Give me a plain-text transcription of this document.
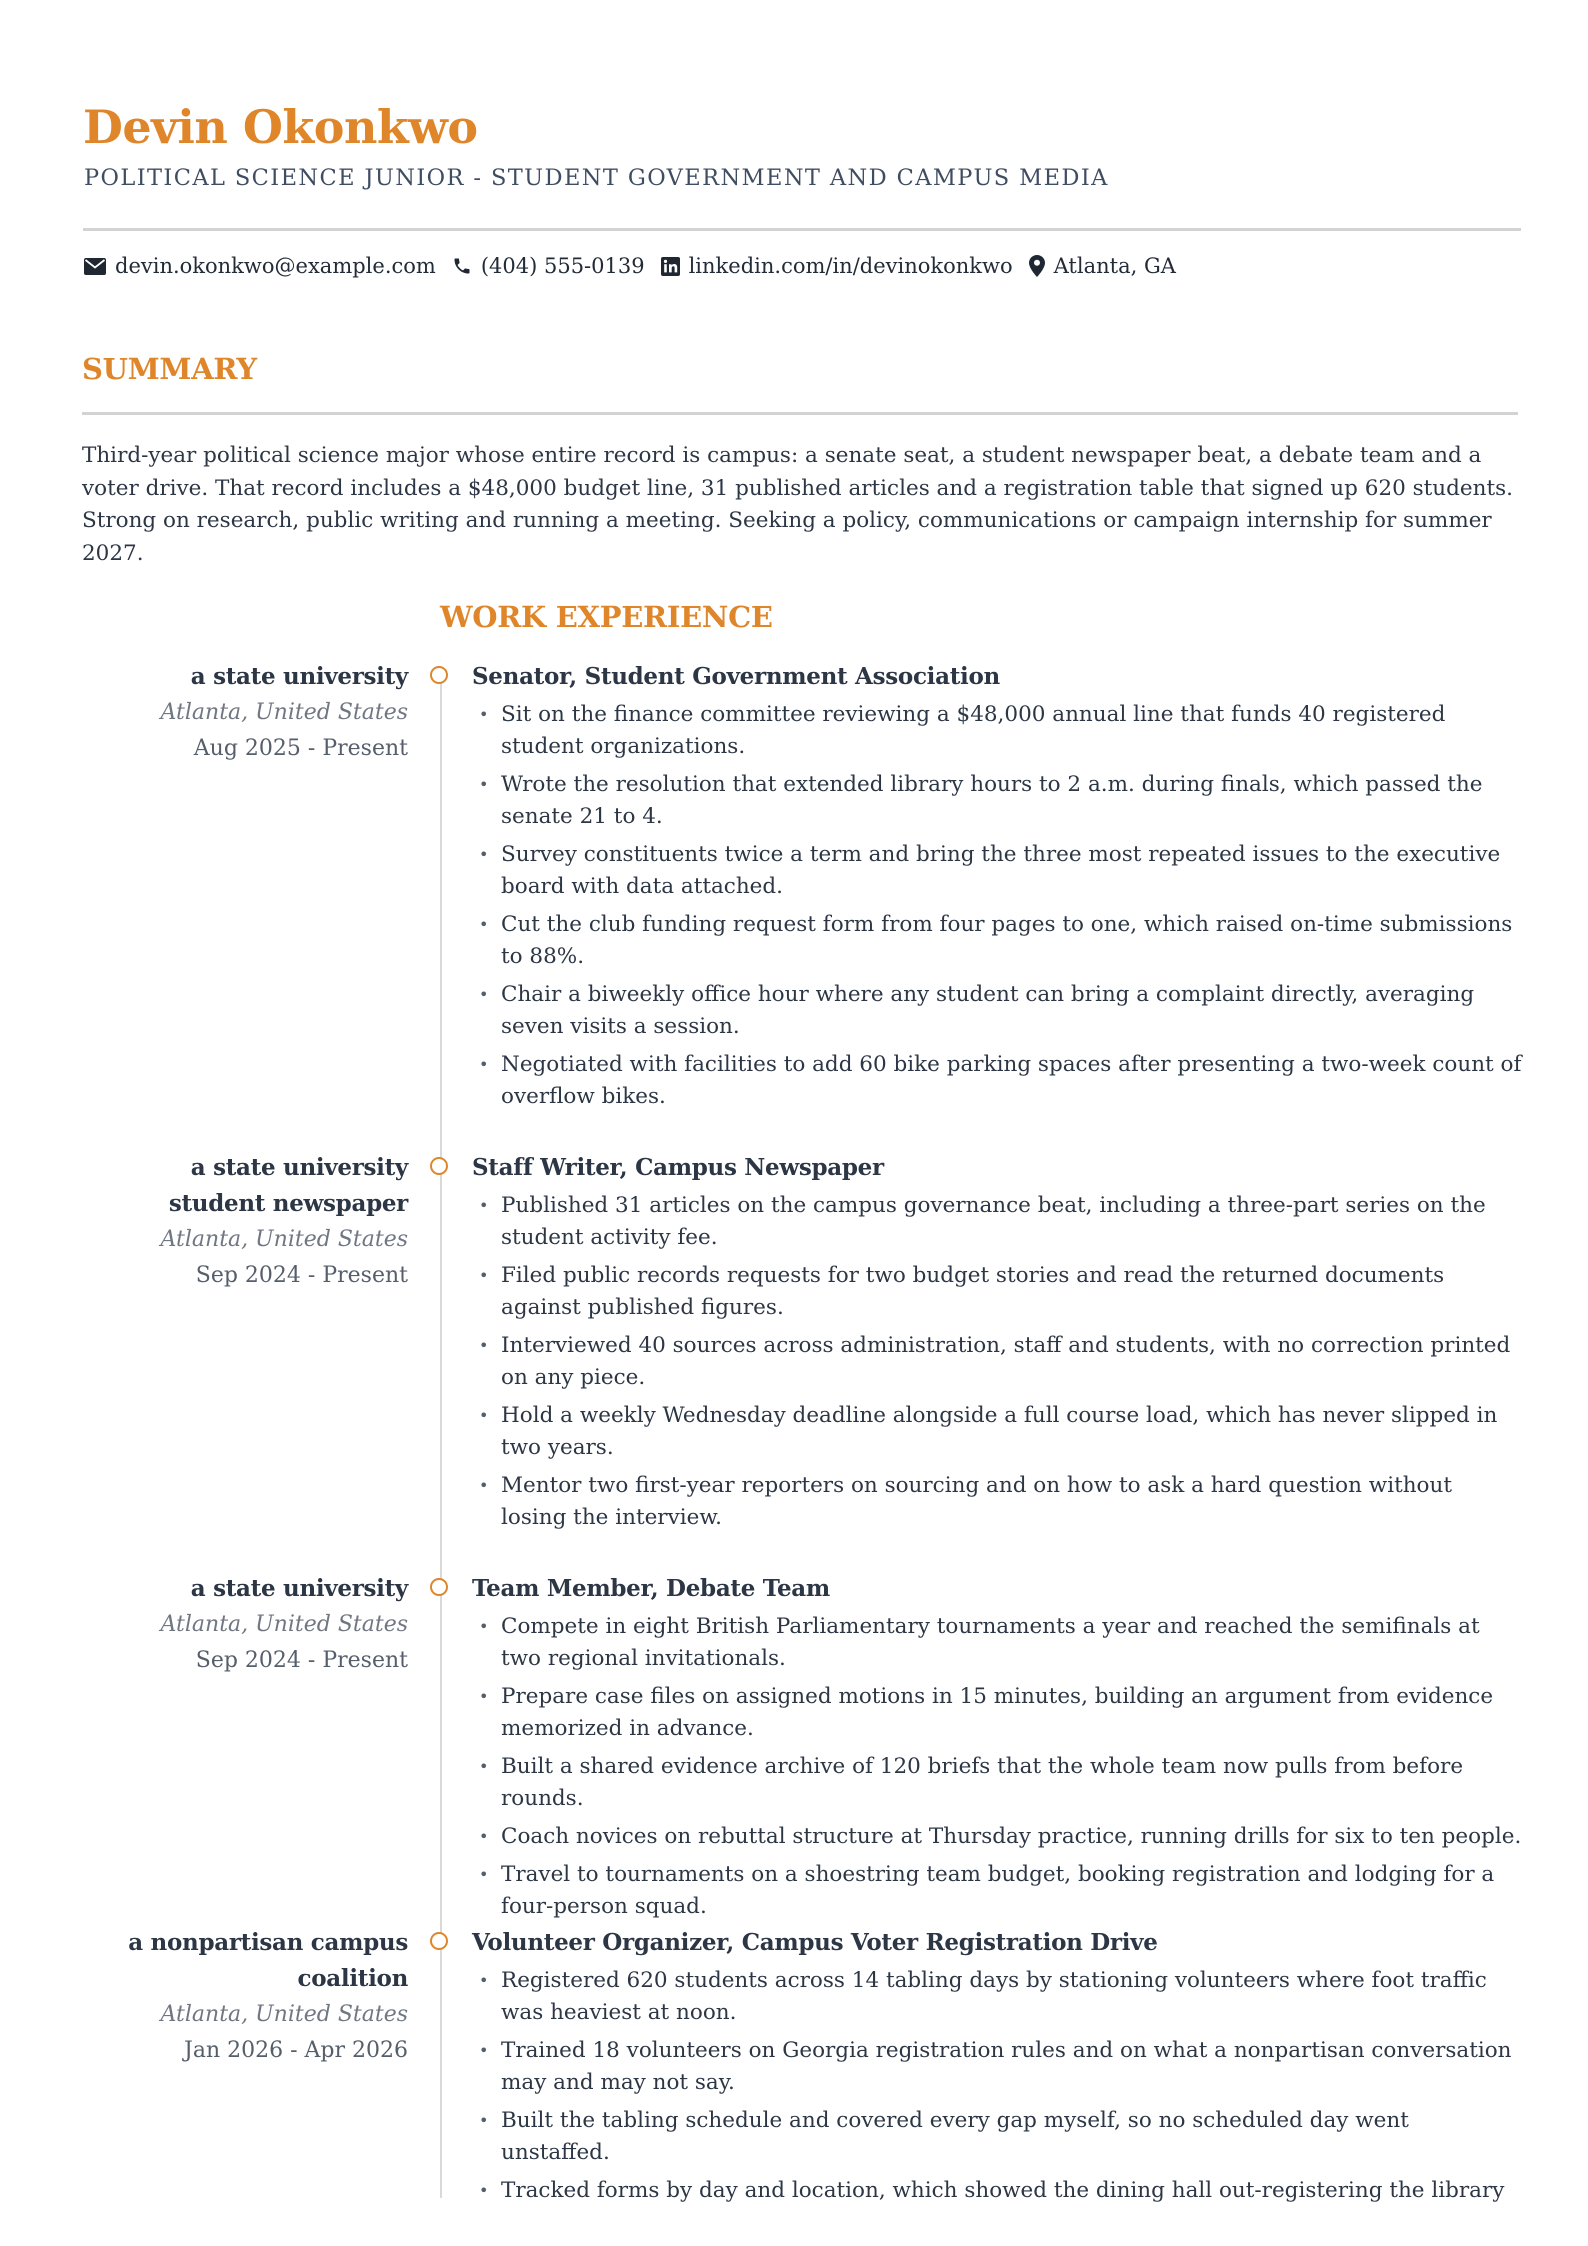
Devin Okonkwo
POLITICAL SCIENCE JUNIOR - STUDENT GOVERNMENT AND CAMPUS MEDIA
devin.okonkwo@example.com (404) 555-0139 linkedin.com/in/devinokonkwo Atlanta, GA
SUMMARY
Third-year political science major whose entire record is campus: a senate seat, a student newspaper beat, a debate team and a voter drive. That record includes a $48,000 budget line, 31 published articles and a registration table that signed up 620 students. Strong on research, public writing and running a meeting. Seeking a policy, communications or campaign internship for summer 2027.
WORK EXPERIENCE
a state university
Atlanta, United States
Aug 2025 - Present
Senator, Student Government Association
• Sit on the finance committee reviewing a $48,000 annual line that funds 40 registered student organizations.
• Wrote the resolution that extended library hours to 2 a.m. during finals, which passed the senate 21 to 4.
• Survey constituents twice a term and bring the three most repeated issues to the executive board with data attached.
• Cut the club funding request form from four pages to one, which raised on-time submissions to 88%.
• Chair a biweekly office hour where any student can bring a complaint directly, averaging seven visits a session.
• Negotiated with facilities to add 60 bike parking spaces after presenting a two-week count of overflow bikes.
a state university student newspaper
Atlanta, United States
Sep 2024 - Present
Staff Writer, Campus Newspaper
• Published 31 articles on the campus governance beat, including a three-part series on the student activity fee.
• Filed public records requests for two budget stories and read the returned documents against published figures.
• Interviewed 40 sources across administration, staff and students, with no correction printed on any piece.
• Hold a weekly Wednesday deadline alongside a full course load, which has never slipped in two years.
• Mentor two first-year reporters on sourcing and on how to ask a hard question without losing the interview.
a state university
Atlanta, United States
Sep 2024 - Present
Team Member, Debate Team
• Compete in eight British Parliamentary tournaments a year and reached the semifinals at two regional invitationals.
• Prepare case files on assigned motions in 15 minutes, building an argument from evidence memorized in advance.
• Built a shared evidence archive of 120 briefs that the whole team now pulls from before rounds.
• Coach novices on rebuttal structure at Thursday practice, running drills for six to ten people.
• Travel to tournaments on a shoestring team budget, booking registration and lodging for a four-person squad.
a nonpartisan campus coalition
Atlanta, United States
Jan 2026 - Apr 2026
Volunteer Organizer, Campus Voter Registration Drive
• Registered 620 students across 14 tabling days by stationing volunteers where foot traffic was heaviest at noon.
• Trained 18 volunteers on Georgia registration rules and on what a nonpartisan conversation may and may not say.
• Built the tabling schedule and covered every gap myself, so no scheduled day went unstaffed.
• Tracked forms by day and location, which showed the dining hall out-registering the library
